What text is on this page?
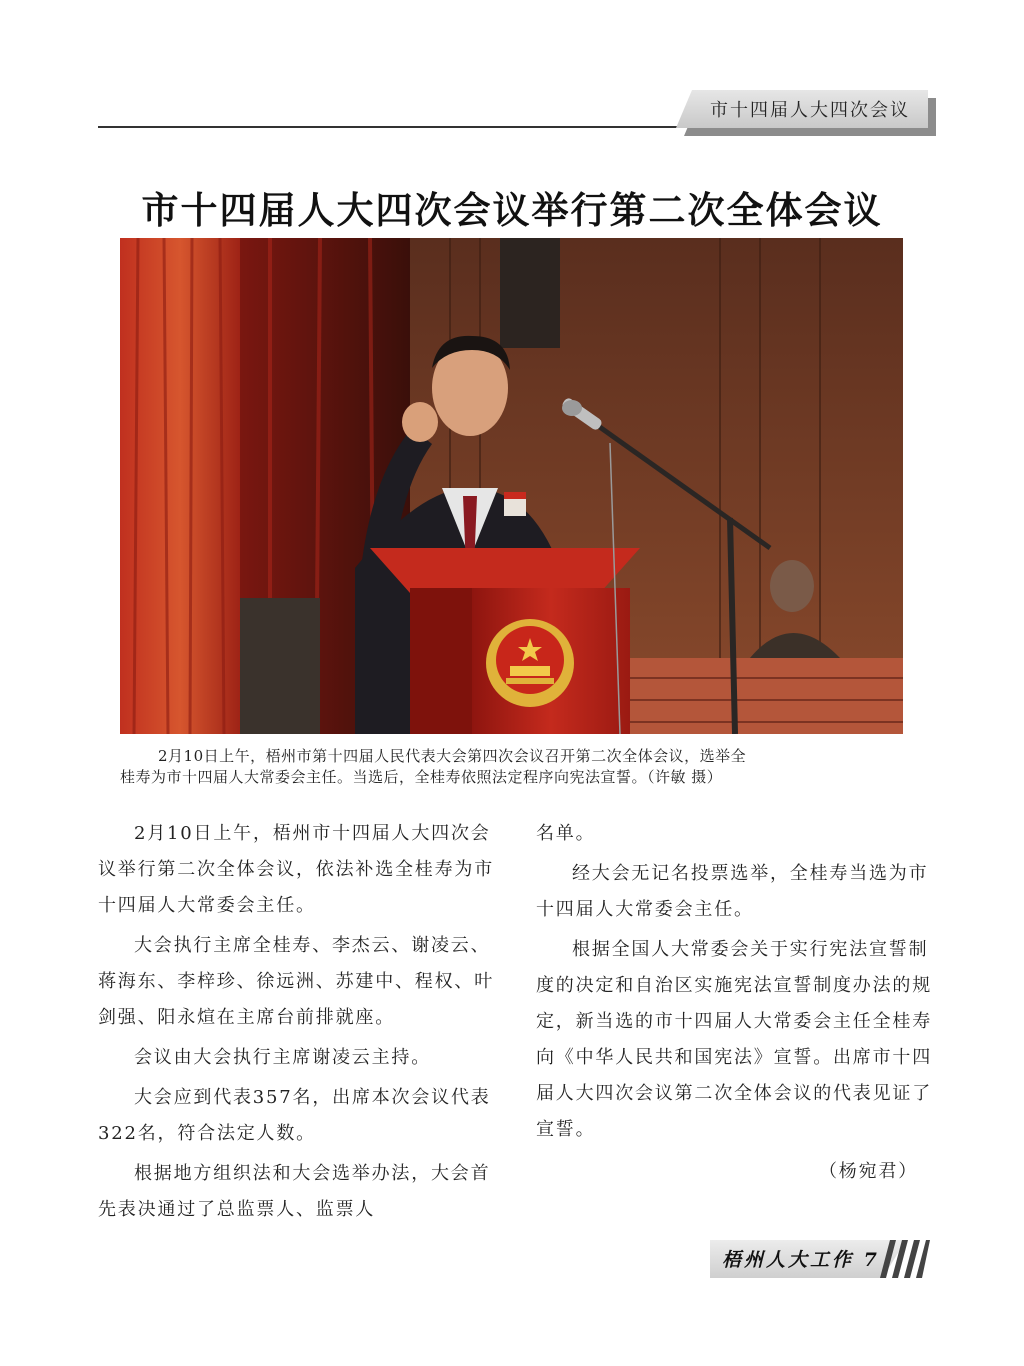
市十四届人大四次会议
市十四届人大四次会议举行第二次全体会议

2月10日上午，梧州市第十四届人民代表大会第四次会议召开第二次全体会议，选举全

桂寿为市十四届人大常委会主任。当选后，全桂寿依照法定程序向宪法宣誓。（许敏 摄）

2月10日上午，梧州市十四届人大四次会议举行第二次全体会议，依法补选全桂寿为市十四届人大常委会主任。

大会执行主席全桂寿、李杰云、谢凌云、蒋海东、李梓珍、徐远洲、苏建中、程权、叶剑强、阳永煊在主席台前排就座。

会议由大会执行主席谢凌云主持。

大会应到代表357名，出席本次会议代表322名，符合法定人数。

根据地方组织法和大会选举办法，大会首先表决通过了总监票人、监票人

名单。

经大会无记名投票选举，全桂寿当选为市十四届人大常委会主任。

根据全国人大常委会关于实行宪法宣誓制度的决定和自治区实施宪法宣誓制度办法的规定，新当选的市十四届人大常委会主任全桂寿向《中华人民共和国宪法》宣誓。出席市十四届人大四次会议第二次全体会议的代表见证了宣誓。

（杨宛君）

梧州人大工作 7
